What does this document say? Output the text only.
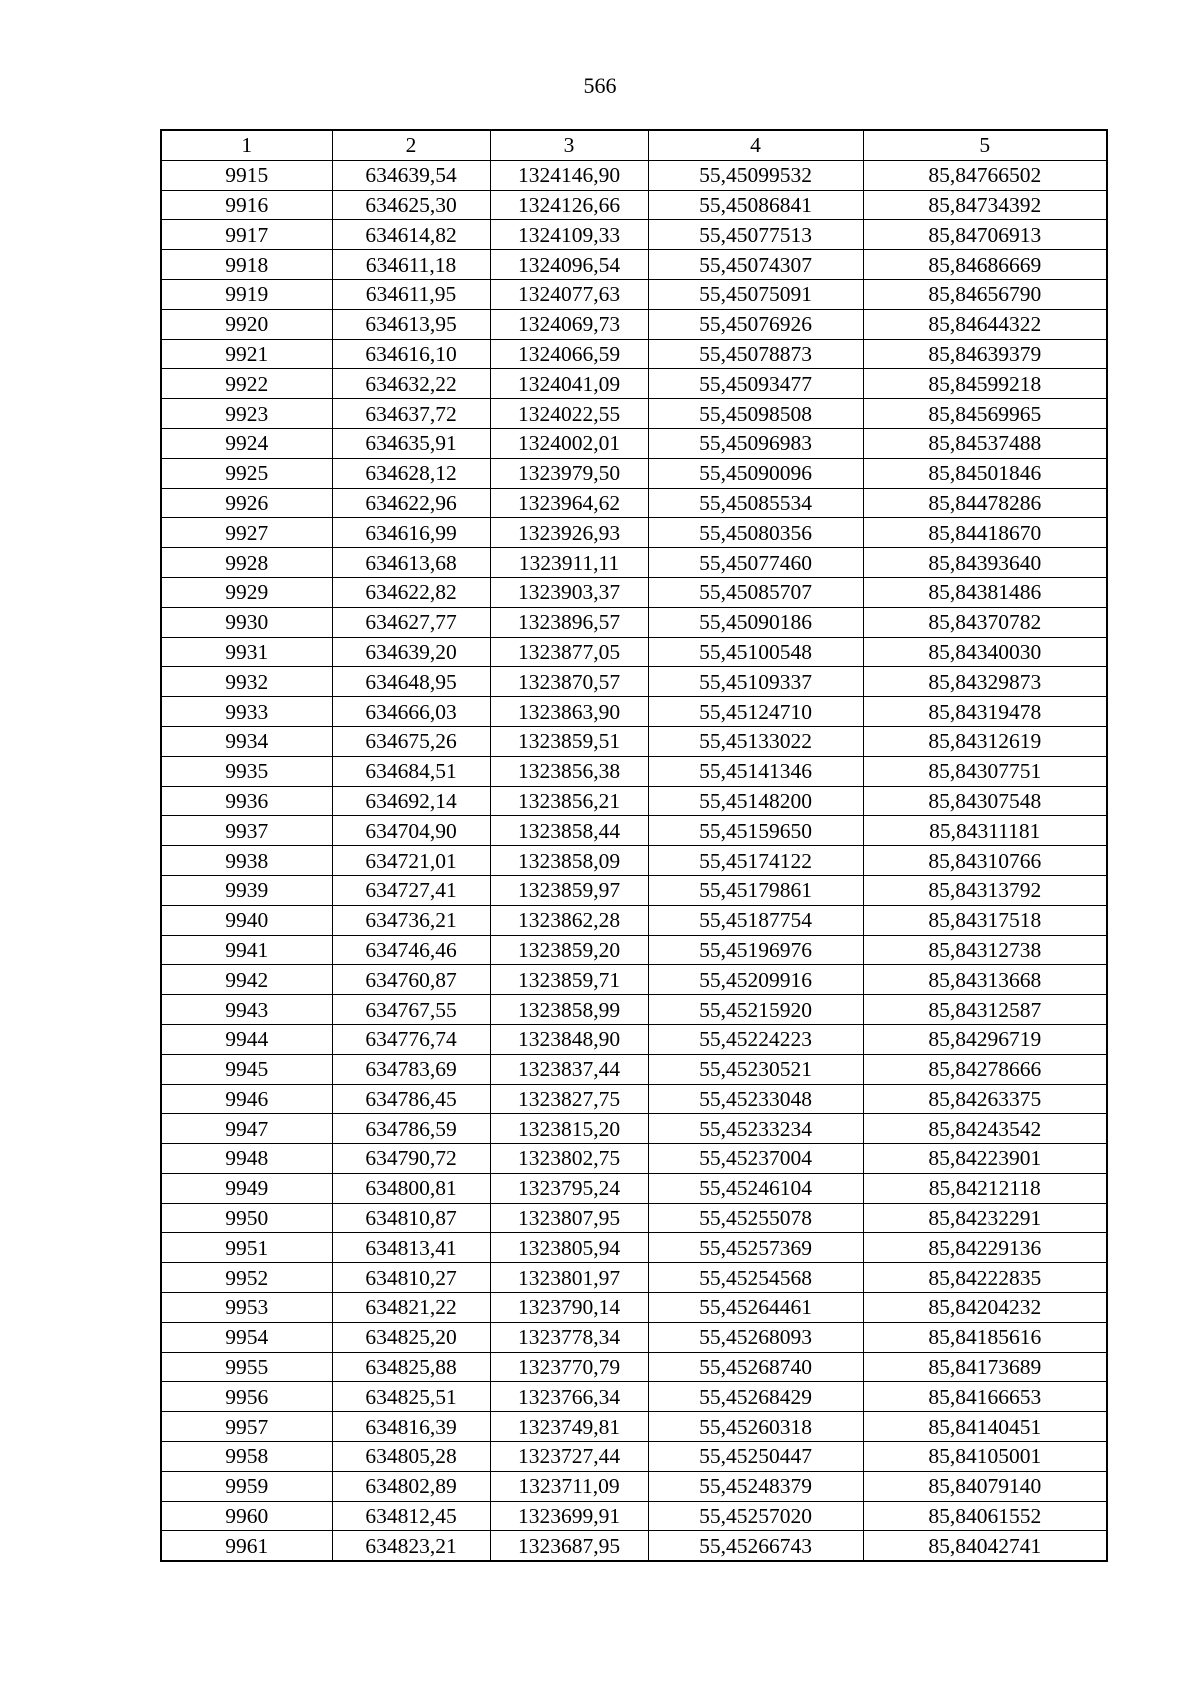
566
1	2	3	4	5
9915	634639,54	1324146,90	55,45099532	85,84766502
9916	634625,30	1324126,66	55,45086841	85,84734392
9917	634614,82	1324109,33	55,45077513	85,84706913
9918	634611,18	1324096,54	55,45074307	85,84686669
9919	634611,95	1324077,63	55,45075091	85,84656790
9920	634613,95	1324069,73	55,45076926	85,84644322
9921	634616,10	1324066,59	55,45078873	85,84639379
9922	634632,22	1324041,09	55,45093477	85,84599218
9923	634637,72	1324022,55	55,45098508	85,84569965
9924	634635,91	1324002,01	55,45096983	85,84537488
9925	634628,12	1323979,50	55,45090096	85,84501846
9926	634622,96	1323964,62	55,45085534	85,84478286
9927	634616,99	1323926,93	55,45080356	85,84418670
9928	634613,68	1323911,11	55,45077460	85,84393640
9929	634622,82	1323903,37	55,45085707	85,84381486
9930	634627,77	1323896,57	55,45090186	85,84370782
9931	634639,20	1323877,05	55,45100548	85,84340030
9932	634648,95	1323870,57	55,45109337	85,84329873
9933	634666,03	1323863,90	55,45124710	85,84319478
9934	634675,26	1323859,51	55,45133022	85,84312619
9935	634684,51	1323856,38	55,45141346	85,84307751
9936	634692,14	1323856,21	55,45148200	85,84307548
9937	634704,90	1323858,44	55,45159650	85,84311181
9938	634721,01	1323858,09	55,45174122	85,84310766
9939	634727,41	1323859,97	55,45179861	85,84313792
9940	634736,21	1323862,28	55,45187754	85,84317518
9941	634746,46	1323859,20	55,45196976	85,84312738
9942	634760,87	1323859,71	55,45209916	85,84313668
9943	634767,55	1323858,99	55,45215920	85,84312587
9944	634776,74	1323848,90	55,45224223	85,84296719
9945	634783,69	1323837,44	55,45230521	85,84278666
9946	634786,45	1323827,75	55,45233048	85,84263375
9947	634786,59	1323815,20	55,45233234	85,84243542
9948	634790,72	1323802,75	55,45237004	85,84223901
9949	634800,81	1323795,24	55,45246104	85,84212118
9950	634810,87	1323807,95	55,45255078	85,84232291
9951	634813,41	1323805,94	55,45257369	85,84229136
9952	634810,27	1323801,97	55,45254568	85,84222835
9953	634821,22	1323790,14	55,45264461	85,84204232
9954	634825,20	1323778,34	55,45268093	85,84185616
9955	634825,88	1323770,79	55,45268740	85,84173689
9956	634825,51	1323766,34	55,45268429	85,84166653
9957	634816,39	1323749,81	55,45260318	85,84140451
9958	634805,28	1323727,44	55,45250447	85,84105001
9959	634802,89	1323711,09	55,45248379	85,84079140
9960	634812,45	1323699,91	55,45257020	85,84061552
9961	634823,21	1323687,95	55,45266743	85,84042741
